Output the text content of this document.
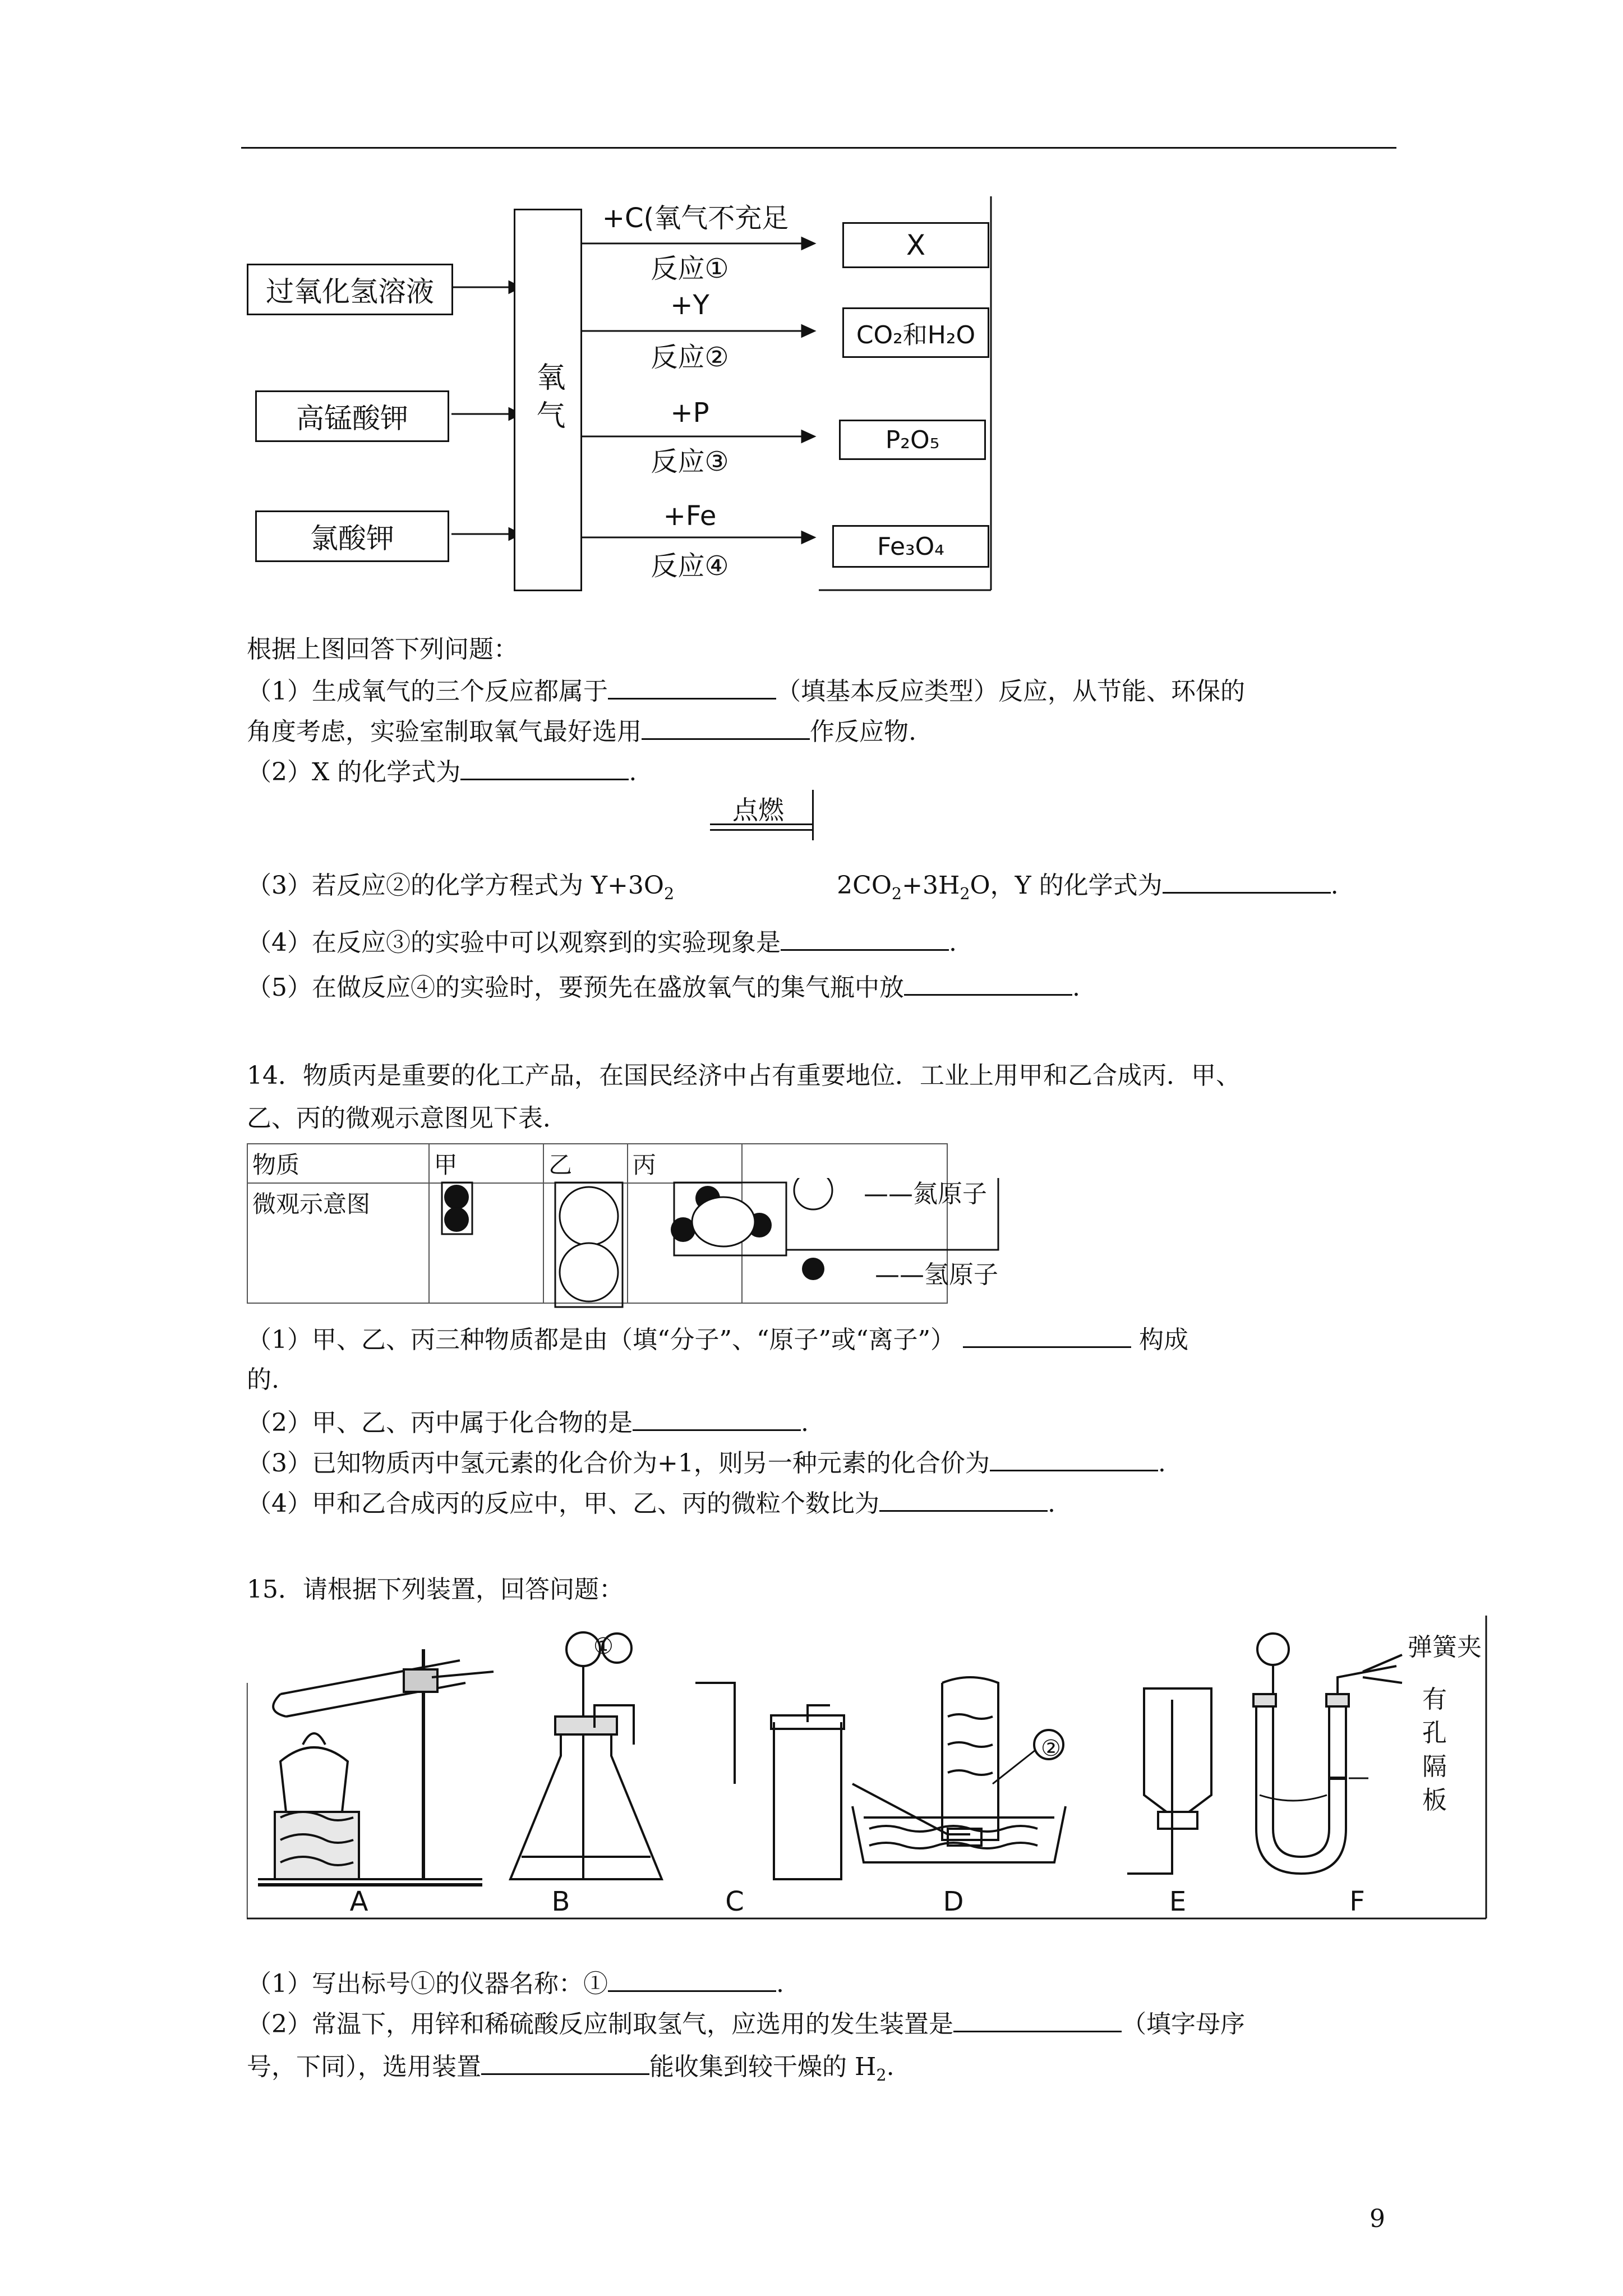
过氧化氢溶液
高锰酸钾
氯酸钾
氧气
+C(氧气不充足
反应①
+Y
反应②
+P
反应③
+Fe
反应④
X
CO₂和H₂O
P₂O₅
Fe₃O₄
根据上图回答下列问题：
（1）生成氧气的三个反应都属于	（填基本反应类型）反应，从节能、环保的
角度考虑，实验室制取氧气最好选用	作反应物.
（2）X 的化学式为	.
点燃
（3）若反应②的化学方程式为 $Y+3O_2$	$2CO_2+3H_2O$，Y 的化学式为	.
（4）在反应③的实验中可以观察到的实验现象是	.
（5）在做反应④的实验时，要预先在盛放氧气的集气瓶中放	.
14．物质丙是重要的化工产品，在国民经济中占有重要地位．工业上用甲和乙合成丙．甲、
乙、丙的微观示意图见下表．
物质	甲	乙	丙	
微观示意图					——氮原子
——氢原子
（1）甲、乙、丙三种物质都是由（填“分子”、“原子”或“离子”）	构成
的.
（2）甲、乙、丙中属于化合物的是	.
（3）已知物质丙中氢元素的化合价为+1，则另一种元素的化合价为	.
（4）甲和乙合成丙的反应中，甲、乙、丙的微粒个数比为	.
15．请根据下列装置，回答问题：
①
②
弹簧夹
有
孔
隔
板
A	B	C	D	E	F
（1）写出标号①的仪器名称：①	.
（2）常温下，用锌和稀硫酸反应制取氢气，应选用的发生装置是	（填字母序
号，下同），选用装置	能收集到较干燥的 $H_2$.
9
